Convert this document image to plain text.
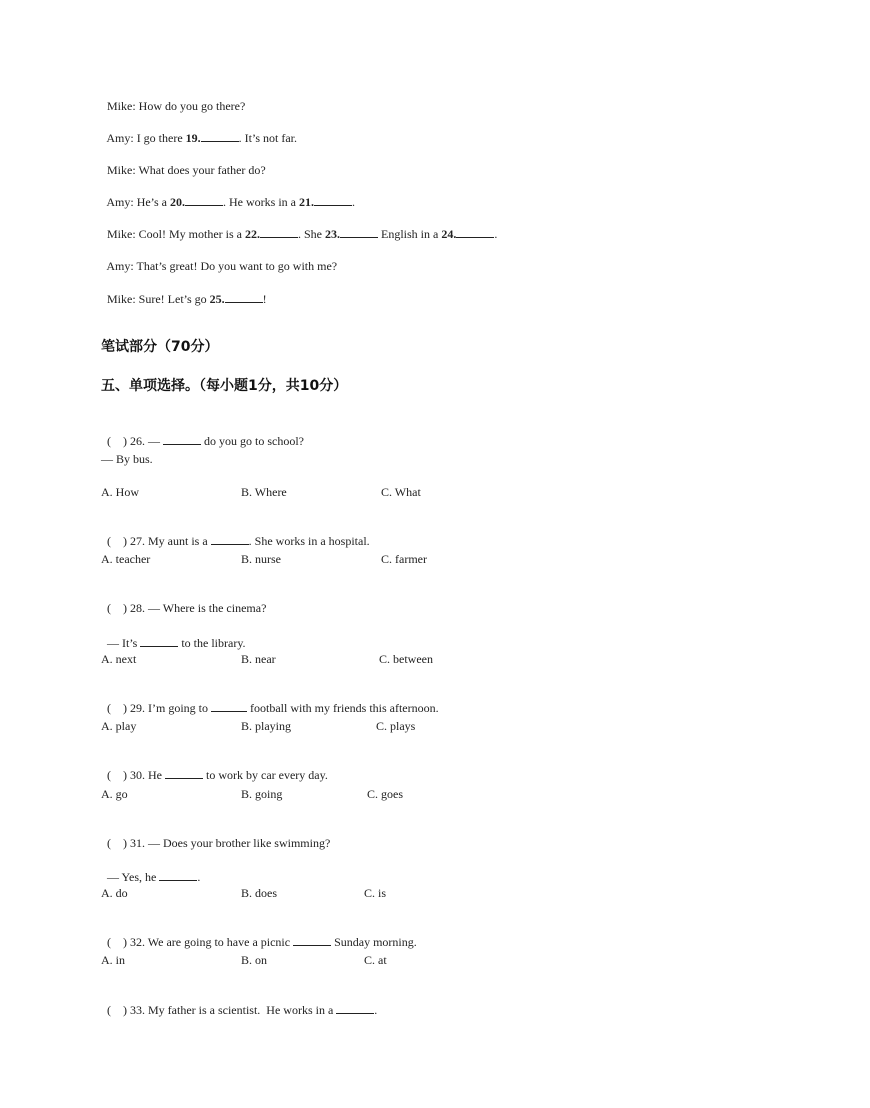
Mike: How do you go there?

Amy: I go there 19.	. It’s not far.

Mike: What does your father do?

Amy: He’s a 20.	. He works in a 21.	.

Mike: Cool! My mother is a 22.	. She 23.	English in a 24.	.

Amy: That’s great! Do you want to go with me?

Mike: Sure! Let’s go 25.	!

笔试部分（70分）
五、单项选择。（每小题1分，共10分）

(    ) 26. —	do you go to school?

— By bus.
A. How	B. Where	C. What

(    ) 27. My aunt is a	. She works in a hospital.

A. teacher	B. nurse	C. farmer

(    ) 28. — Where is the cinema?

— It’s	to the library.

A. next	B. near	C. between

(    ) 29. I’m going to	football with my friends this afternoon.

A. play	B. playing	C. plays

(    ) 30. He	to work by car every day.

A. go	B. going	C. goes

(    ) 31. — Does your brother like swimming?

— Yes, he	.

A. do	B. does	C. is

(    ) 32. We are going to have a picnic	Sunday morning.

A. in	B. on	C. at

(    ) 33. My father is a scientist.  He works in a	.
